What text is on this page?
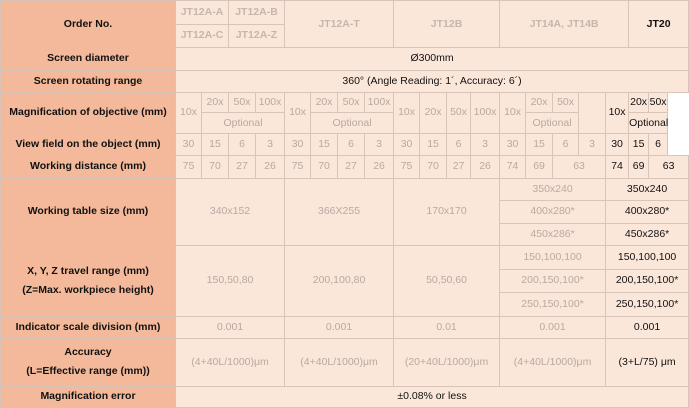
Order No.	JT12A-A		JT12A-B		JT12A-T				JT12B				JT14A, JT14B					JT20	
	JT12A-C		JT12A-Z																
Screen diameter	Ø300mm																		
Screen rotating range	360° (Angle Reading: 1´, Accuracy: 6´)																		
Magnification of objective (mm)	10x	20x	50x	100x	10x	20x	50x	100x	10x	20x	50x	100x	10x	20x	50x		10x	20x	50x
		Optional				Optional								Optional				Optional	
View field on the object (mm)	30	15	6	3	30	15	6	3	30	15	6	3	30	15	6	3	30	15	6
Working distance (mm)	75	70	27	26	75	70	27	26	75	70	27	26	74	69	63		74	69	63
Working table size (mm)	340x152				366X255				170x170				350x240				350x240		
													400x280*				400x280*		
													450x286*				450x286*		

X, Y, Z travel range (mm)
(Z=Max. workpiece height)	150,50,80				200,100,80				50,50,60				150,100,100				150,100,100		
													200,150,100*				200,150,100*		
													250,150,100*				250,150,100*		
Indicator scale division (mm)	0.001				0.001				0.01				0.001				0.001		

Accuracy
(L=Effective range (mm))	(4+40L/1000)μm				(4+40L/1000)μm				(20+40L/1000)μm				(4+40L/1000)μm				(3+L/75) μm		
Magnification error	±0.08% or less																		
